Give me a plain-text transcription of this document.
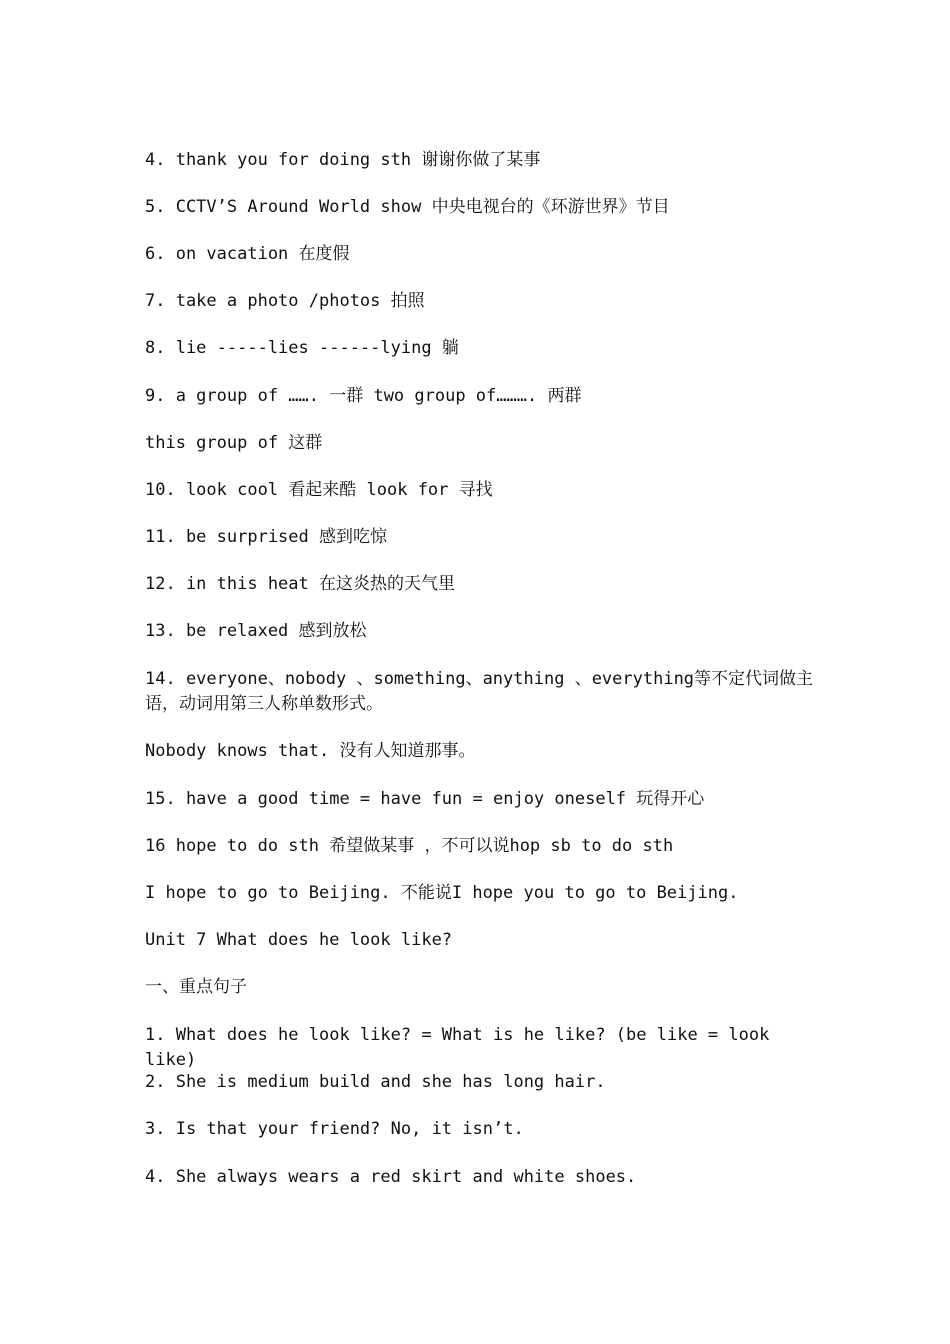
4. thank you for doing sth 谢谢你做了某事

5. CCTV’S Around World show 中央电视台的《环游世界》节目

6. on vacation 在度假

7. take a photo /photos 拍照

8. lie -----lies ------lying 躺

9. a group of ……. 一群 two group of………. 两群

this group of 这群

10. look cool 看起来酷 look for 寻找

11. be surprised 感到吃惊

12. in this heat 在这炎热的天气里

13. be relaxed 感到放松

14. everyone、nobody 、something、anything 、everything等不定代词做主语，动词用第三人称单数形式。

Nobody knows that. 没有人知道那事。

15. have a good time = have fun = enjoy oneself 玩得开心

16 hope to do sth 希望做某事 ，不可以说hop sb to do sth

I hope to go to Beijing. 不能说I hope you to go to Beijing.

Unit 7 What does he look like?

一、重点句子

1. What does he look like? = What is he like? (be like = look like)

2. She is medium build and she has long hair.

3. Is that your friend? No, it isn’t.

4. She always wears a red skirt and white shoes.
